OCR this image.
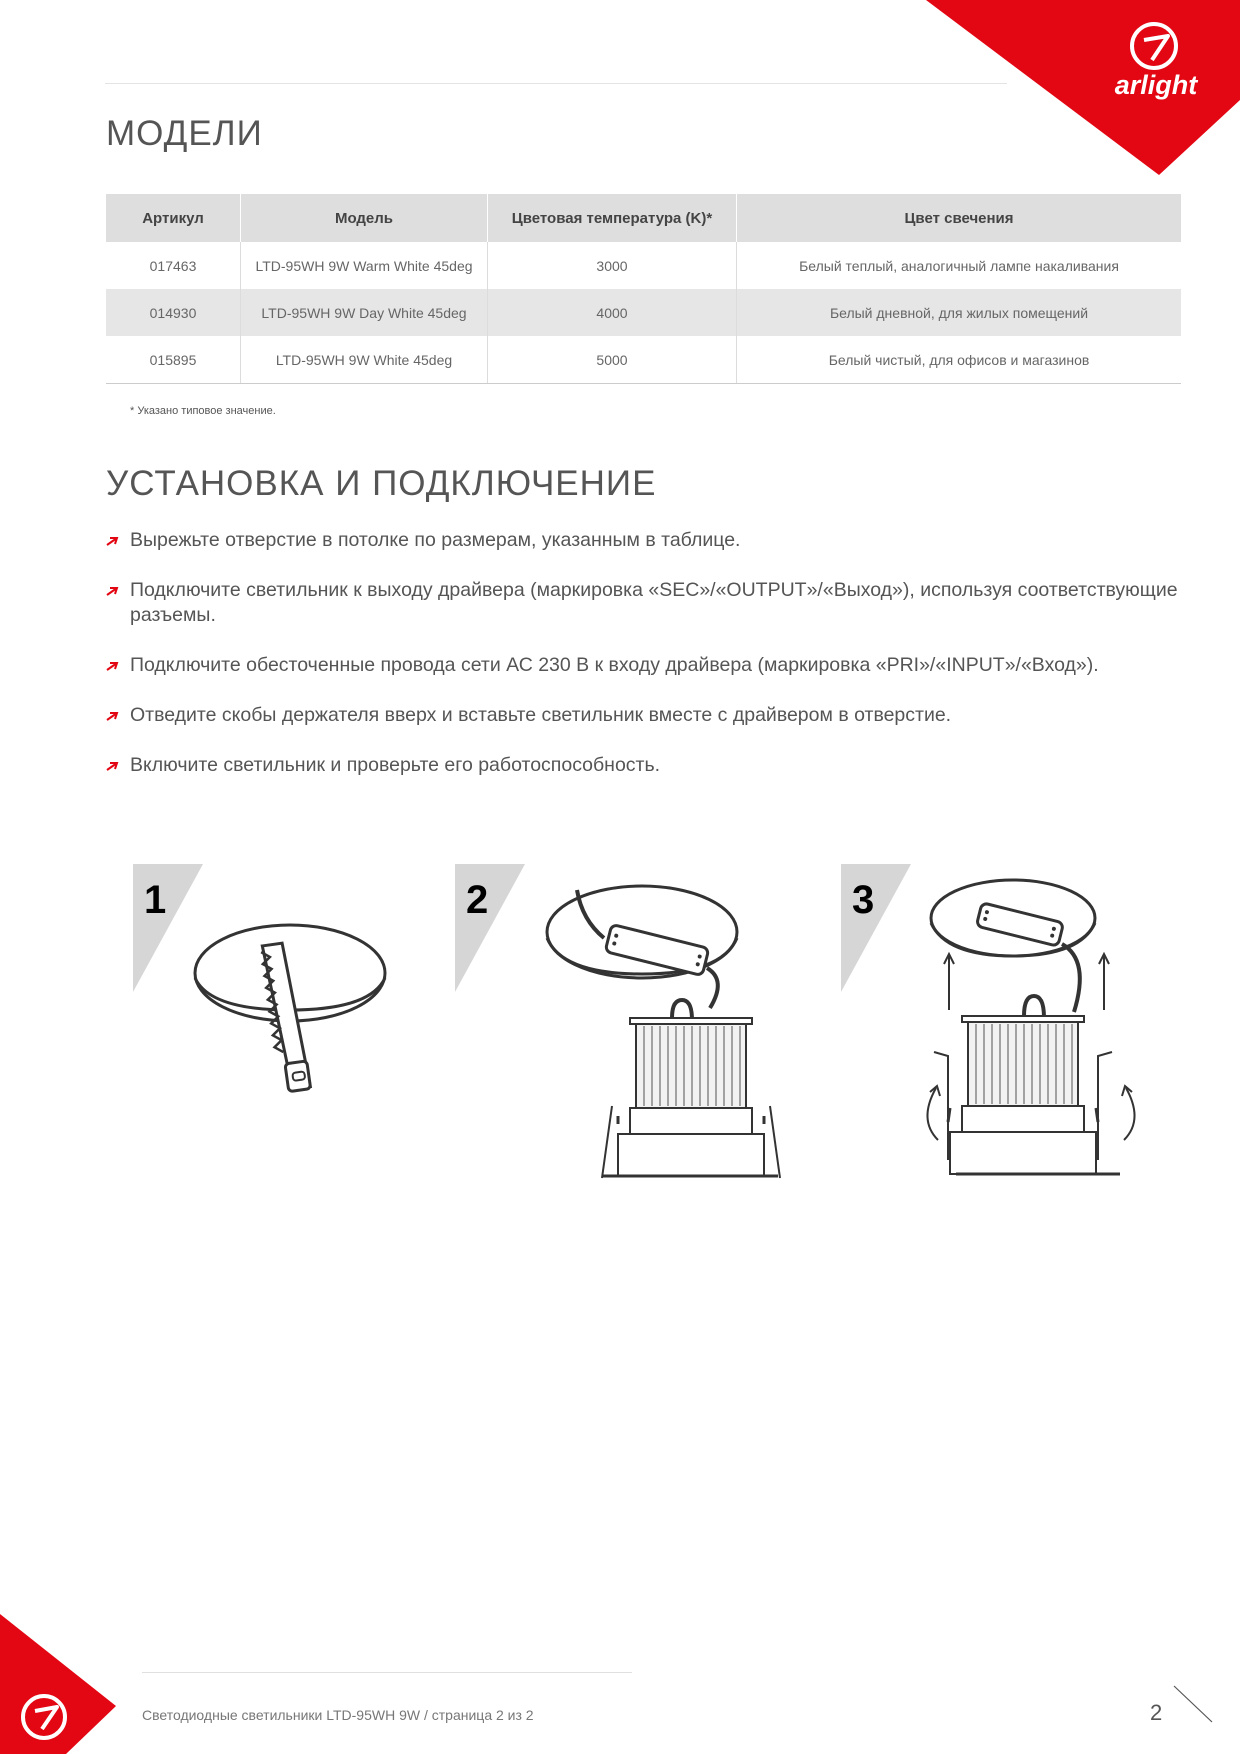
arlight
МОДЕЛИ
Артикул	Модель	Цветовая температура (K)*	Цвет свечения
017463	LTD-95WH 9W Warm White 45deg	3000	Белый теплый, аналогичный лампе накаливания
014930	LTD-95WH 9W Day White 45deg	4000	Белый дневной, для жилых помещений
015895	LTD-95WH 9W White 45deg	5000	Белый чистый, для офисов и магазинов
* Указано типовое значение.
УСТАНОВКА И ПОДКЛЮЧЕНИЕ
Вырежьте отверстие в потолке по размерам, указанным в таблице.
Подключите светильник к выходу драйвера (маркировка «SEC»/«OUTPUT»/«Выход»), используя соответствующие разъемы.
Подключите обесточенные провода сети АС 230 В к входу драйвера (маркировка «PRI»/«INPUT»/«Вход»).
Отведите скобы держателя вверх и вставьте светильник вместе с драйвером в отверстие.
Включите светильник и проверьте его работоспособность.
1	2	3
Светодиодные светильники LTD-95WH 9W / страница 2 из 2	2
